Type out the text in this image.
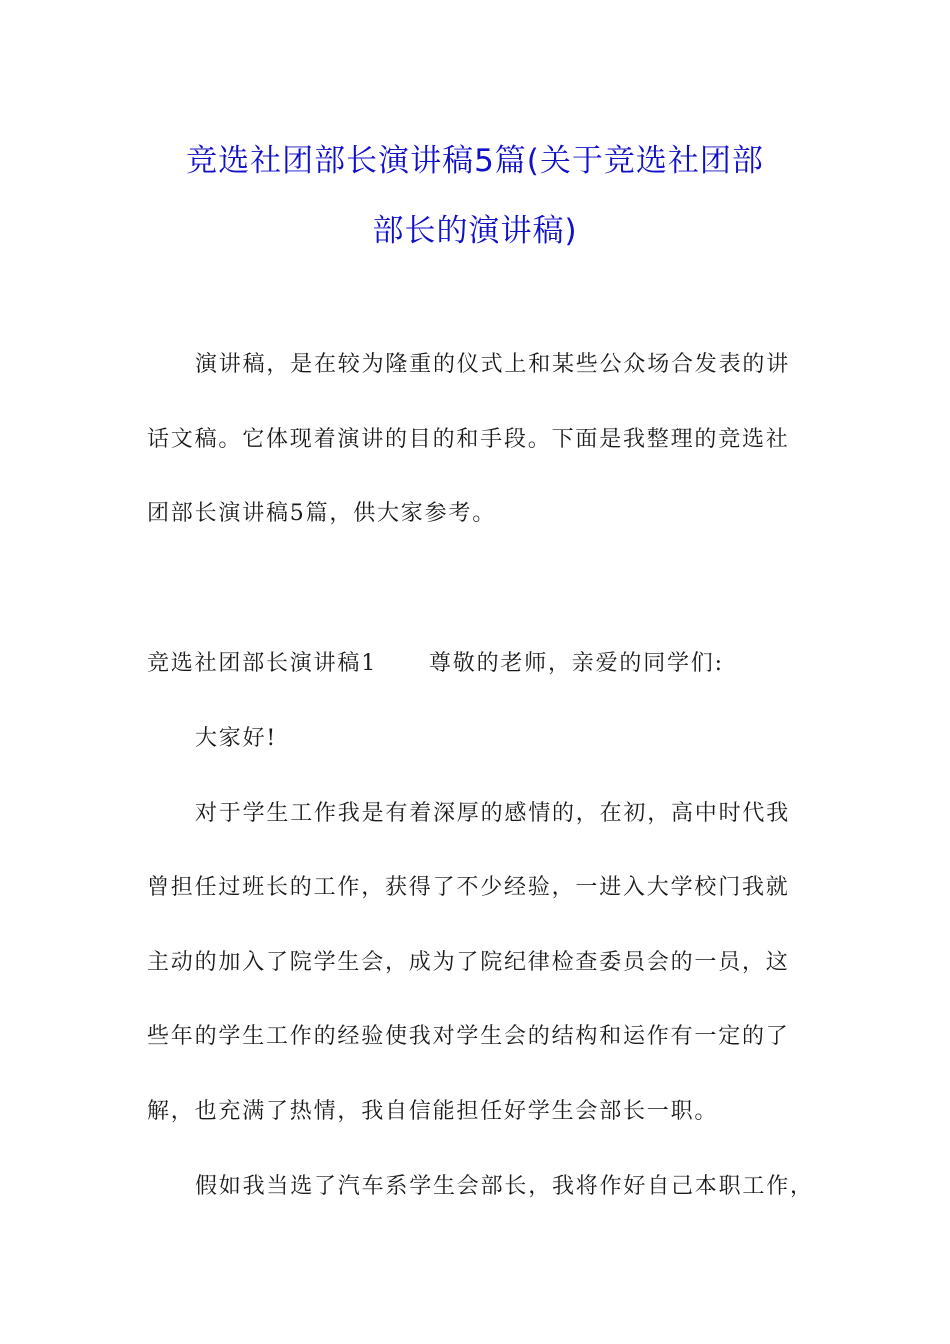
竞选社团部长演讲稿5篇(关于竞选社团部
部长的演讲稿)

演讲稿，是在较为隆重的仪式上和某些公众场合发表的讲

话文稿。它体现着演讲的目的和手段。下面是我整理的竞选社

团部长演讲稿5篇，供大家参考。

竞选社团部长演讲稿1 尊敬的老师，亲爱的同学们:

大家好!

对于学生工作我是有着深厚的感情的，在初，高中时代我

曾担任过班长的工作，获得了不少经验，一进入大学校门我就

主动的加入了院学生会，成为了院纪律检查委员会的一员，这

些年的学生工作的经验使我对学生会的结构和运作有一定的了

解，也充满了热情，我自信能担任好学生会部长一职。

假如我当选了汽车系学生会部长，我将作好自己本职工作，
